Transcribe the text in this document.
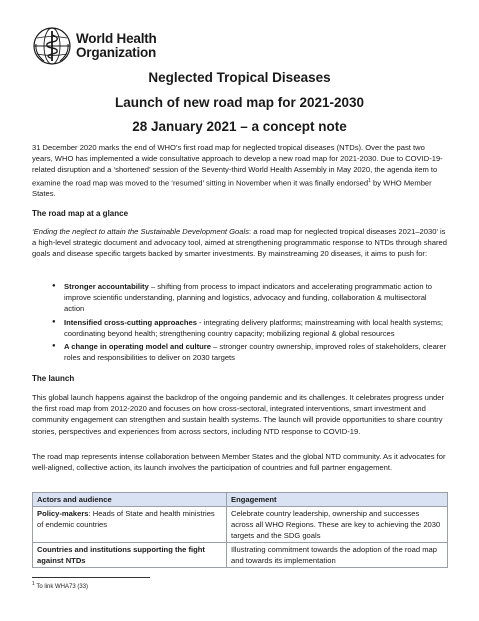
World Health
Organization
Neglected Tropical Diseases
Launch of new road map for 2021-2030
28 January 2021 – a concept note

31 December 2020 marks the end of WHO’s first road map for neglected tropical diseases (NTDs). Over the past two years, WHO has implemented a wide consultative approach to develop a new road map for 2021-2030. Due to COVID-19-related disruption and a ‘shortened’ session of the Seventy-third World Health Assembly in May 2020, the agenda item to examine the road map was moved to the ‘resumed’ sitting in November when it was finally endorsed$^1$ by WHO Member States.

The road map at a glance

‘Ending the neglect to attain the Sustainable Development Goals: a road map for neglected tropical diseases 2021–2030’ is a high-level strategic document and advocacy tool, aimed at strengthening programmatic response to NTDs through shared goals and disease specific targets backed by smarter investments. By mainstreaming 20 diseases, it aims to push for:

● Stronger accountability – shifting from process to impact indicators and accelerating programmatic action to improve scientific understanding, planning and logistics, advocacy and funding, collaboration & multisectoral action
● Intensified cross-cutting approaches - integrating delivery platforms; mainstreaming with local health systems; coordinating beyond health; strengthening country capacity; mobilizing regional & global resources
● A change in operating model and culture – stronger country ownership, improved roles of stakeholders, clearer roles and responsibilities to deliver on 2030 targets
The launch

This global launch happens against the backdrop of the ongoing pandemic and its challenges. It celebrates progress under the first road map from 2012-2020 and focuses on how cross-sectoral, integrated interventions, smart investment and community engagement can strengthen and sustain health systems. The launch will provide opportunities to share country stories, perspectives and experiences from across sectors, including NTD response to COVID-19.

The road map represents intense collaboration between Member States and the global NTD community. As it advocates for well-aligned, collective action, its launch involves the participation of countries and full partner engagement.

Actors and audience	Engagement
Policy-makers: Heads of State and health ministries of endemic countries	Celebrate country leadership, ownership and successes across all WHO Regions. These are key to achieving the 2030 targets and the SDG goals
Countries and institutions supporting the fight against NTDs	Illustrating commitment towards the adoption of the road map and towards its implementation
$^1$ To link WHA73 (33)
